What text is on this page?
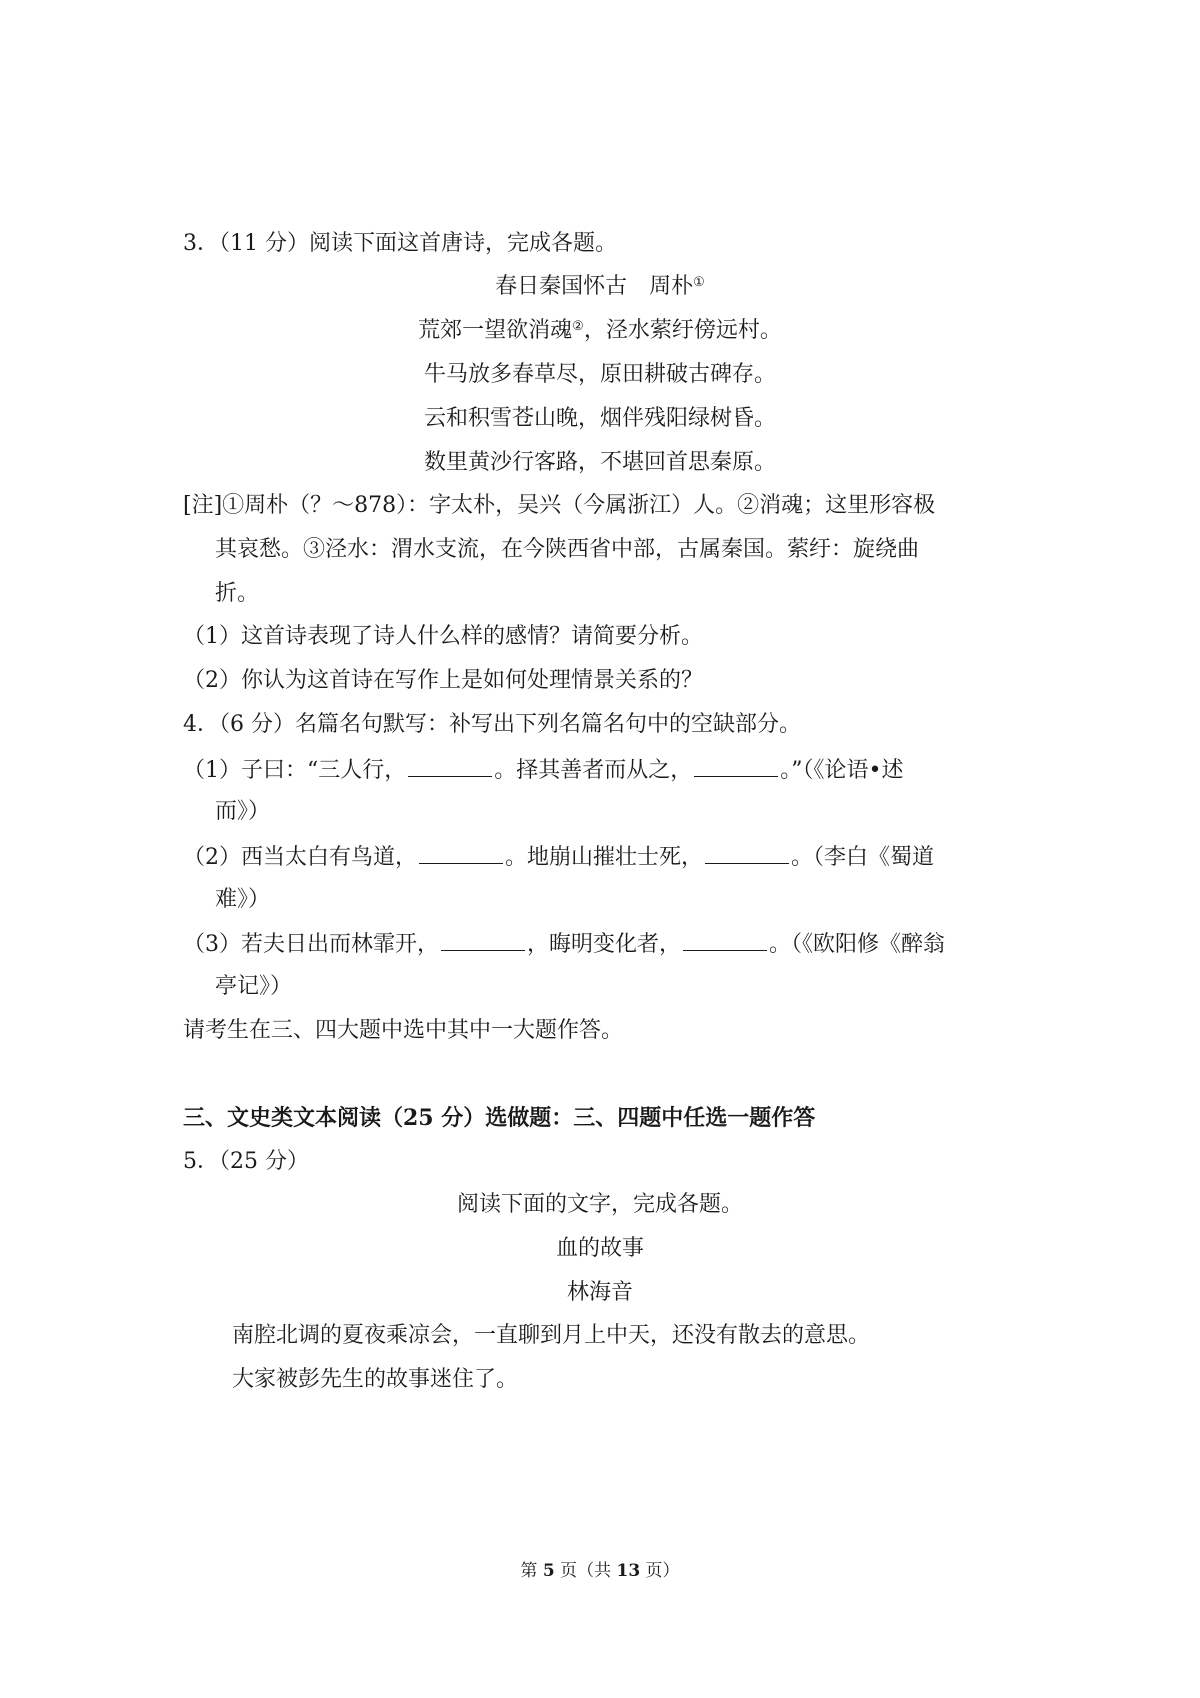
3．（11 分）阅读下面这首唐诗，完成各题。
春日秦国怀古　周朴①
荒郊一望欲消魂②，泾水萦纡傍远村。
牛马放多春草尽，原田耕破古碑存。
云和积雪苍山晚，烟伴残阳绿树昏。
数里黄沙行客路，不堪回首思秦原。
[注]①周朴（？～878）：字太朴，吴兴（今属浙江）人。②消魂；这里形容极
其哀愁。③泾水：渭水支流，在今陕西省中部，古属秦国。萦纡：旋绕曲
折。
（1）这首诗表现了诗人什么样的感情？请简要分析。
（2）你认为这首诗在写作上是如何处理情景关系的？
4．（6 分）名篇名句默写：补写出下列名篇名句中的空缺部分。
（1）子曰：“三人行，	。择其善者而从之，	。”（《论语•述
而》）
（2）西当太白有鸟道，	。地崩山摧壮士死，	。（李白《蜀道
难》）
（3）若夫日出而林霏开，	，晦明变化者，	。（《欧阳修《醉翁
亭记》）
请考生在三、四大题中选中其中一大题作答。
三、文史类文本阅读（25 分）选做题：三、四题中任选一题作答
5．（25 分）
阅读下面的文字，完成各题。
血的故事
林海音
南腔北调的夏夜乘凉会，一直聊到月上中天，还没有散去的意思。
大家被彭先生的故事迷住了。
第 5 页（共 13 页）
